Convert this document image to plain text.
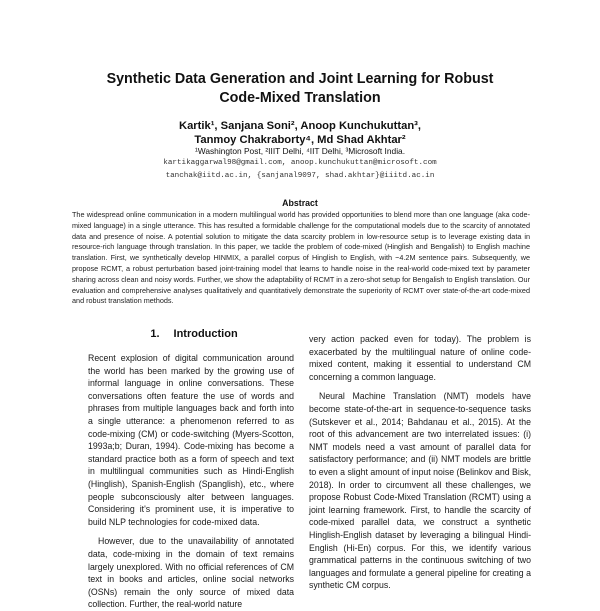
Synthetic Data Generation and Joint Learning for Robust
Code-Mixed Translation
Kartik¹, Sanjana Soni², Anoop Kunchukuttan³,
Tanmoy Chakraborty⁴, Md Shad Akhtar²
¹Washington Post, ²IIIT Delhi, ⁴IIT Delhi, ³Microsoft India.
kartikaggarwal98@gmail.com, anoop.kunchukuttan@microsoft.com
tanchak@iitd.ac.in, {sanjanal9097, shad.akhtar}@iiitd.ac.in
Abstract
The widespread online communication in a modern multilingual world has provided opportunities to blend more than one language (aka code-mixed language) in a single utterance. This has resulted a formidable challenge for the computational models due to the scarcity of annotated data and presence of noise. A potential solution to mitigate the data scarcity problem in low-resource setup is to leverage existing data in resource-rich language through translation. In this paper, we tackle the problem of code-mixed (Hinglish and Bengalish) to English machine translation. First, we synthetically develop HINMIX, a parallel corpus of Hinglish to English, with ~4.2M sentence pairs. Subsequently, we propose RCMT, a robust perturbation based joint-training model that learns to handle noise in the real-world code-mixed text by parameter sharing across clean and noisy words. Further, we show the adaptability of RCMT in a zero-shot setup for Bengalish to English translation. Our evaluation and comprehensive analyses qualitatively and quantitatively demonstrate the superiority of RCMT over state-of-the-art code-mixed and robust translation methods.
1. Introduction

Recent explosion of digital communication around the world has been marked by the growing use of informal language in online conversations. These conversations often feature the use of words and phrases from multiple languages back and forth into a single utterance: a phenomenon referred to as code-mixing (CM) or code-switching (Myers-Scotton, 1993a;b; Duran, 1994). Code-mixing has become a standard practice both as a form of speech and text in multilingual communities such as Hindi-English (Hinglish), Spanish-English (Spanglish), etc., where people subconsciously alter between languages. Considering it's prominent use, it is imperative to build NLP technologies for code-mixed data.

However, due to the unavailability of annotated data, code-mixing in the domain of text remains largely unexplored. With no official references of CM text in books and articles, online social networks (OSNs) remain the only source of mixed data collection. Further, the real-world nature

very action packed even for today). The problem is exacerbated by the multilingual nature of online code-mixed content, making it essential to understand CM concerning a common language.

Neural Machine Translation (NMT) models have become state-of-the-art in sequence-to-sequence tasks (Sutskever et al., 2014; Bahdanau et al., 2015). At the root of this advancement are two interrelated issues: (i) NMT models need a vast amount of parallel data for satisfactory performance; and (ii) NMT models are brittle to even a slight amount of input noise (Belinkov and Bisk, 2018). In order to circumvent all these challenges, we propose Robust Code-Mixed Translation (RCMT) using a joint learning framework. First, to handle the scarcity of code-mixed parallel data, we construct a synthetic Hinglish-English dataset by leveraging a bilingual Hindi-English (Hi-En) corpus. For this, we identify various grammatical patterns in the continuous switching of two languages and formulate a general pipeline for creating a synthetic CM corpus.
